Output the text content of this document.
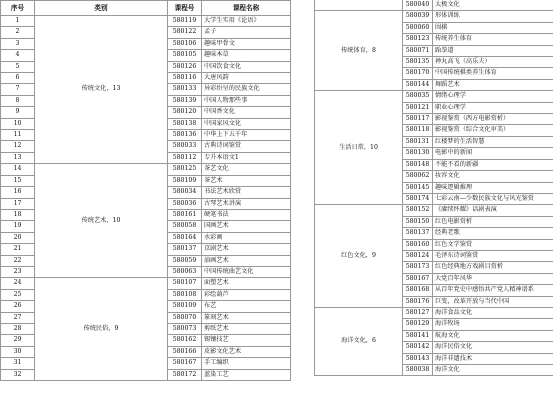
序号	类别	课程号	课程名称
1	传统文化，13	580119	大学生实用《论语》
2		580122	孟子
3		580106	趣味甲骨文
4		580105	趣味本草
5		580126	中国饮食文化
6		580116	大唐风韵
7		580133	异彩纷呈的民族文化
8		580139	中国人物那些事
9		580120	中国香文化
10		580138	中国家风文化
11		580136	中华上下五千年
12		580033	古典诗词鉴赏
13		580112	专升本语文1
14	传统艺术，10	580125	茶艺文化
15		580109	茶艺术
16		580034	书法艺术欣赏
17		580036	古琴艺术讲演
18		580161	硬笔书法
19		580058	国画艺术
20		580164	水彩画
21		580137	京剧艺术
22		580059	油画艺术
23		580063	中国传统曲艺文化
24	传统民俗，9	580107	面塑艺术
25		580108	彩绘葫芦
26		580109	布艺
27		580070	篆刻艺术
28		580073	剪纸艺术
29		580162	锡镶技艺
30		580166	皮影文化艺术
31		580167	手工编织
32		580172	蓝染工艺
	580040	太极文化
传统体育，8	580039	形体训练
	580060	围棋
	580123	传统养生体育
	580071	跆拳道
	580135	禅丸高飞（高乐夫）
	580170	中国传统棋类养生体育
	580144	舞蹈艺术
生活日常，10	580035	情绪心理学
	580121	职业心理学
	580117	影视鉴赏（西方电影赏析）
	580118	影视鉴赏（综合文化审美）
	580131	红楼梦的生活智慧
	580130	电影中的新闻
	580148	不能不看的新疆
	580062	妆容文化
	580145	趣味逻辑推理
	580174	七彩云南—少数民族文化与风光鉴赏
红色文化，9	580152	《赓续怀耀》话剧表演
	580150	红色电影赏析
	580137	经典老歌
	580160	红色文学鉴赏
	580124	毛泽东诗词鉴赏
	580173	红色经典地方戏剧目赏析
	580167	大党百年风华
	580168	从百年党史中感悟共产党人精神谱系
	580176	巨变，改革开放与当代中国
海洋文化，6	580127	海洋食品文化
	580129	海洋牧场
	580141	航海文化
	580142	海洋民俗文化
	580143	海洋非遗技术
	580038	海洋文化
